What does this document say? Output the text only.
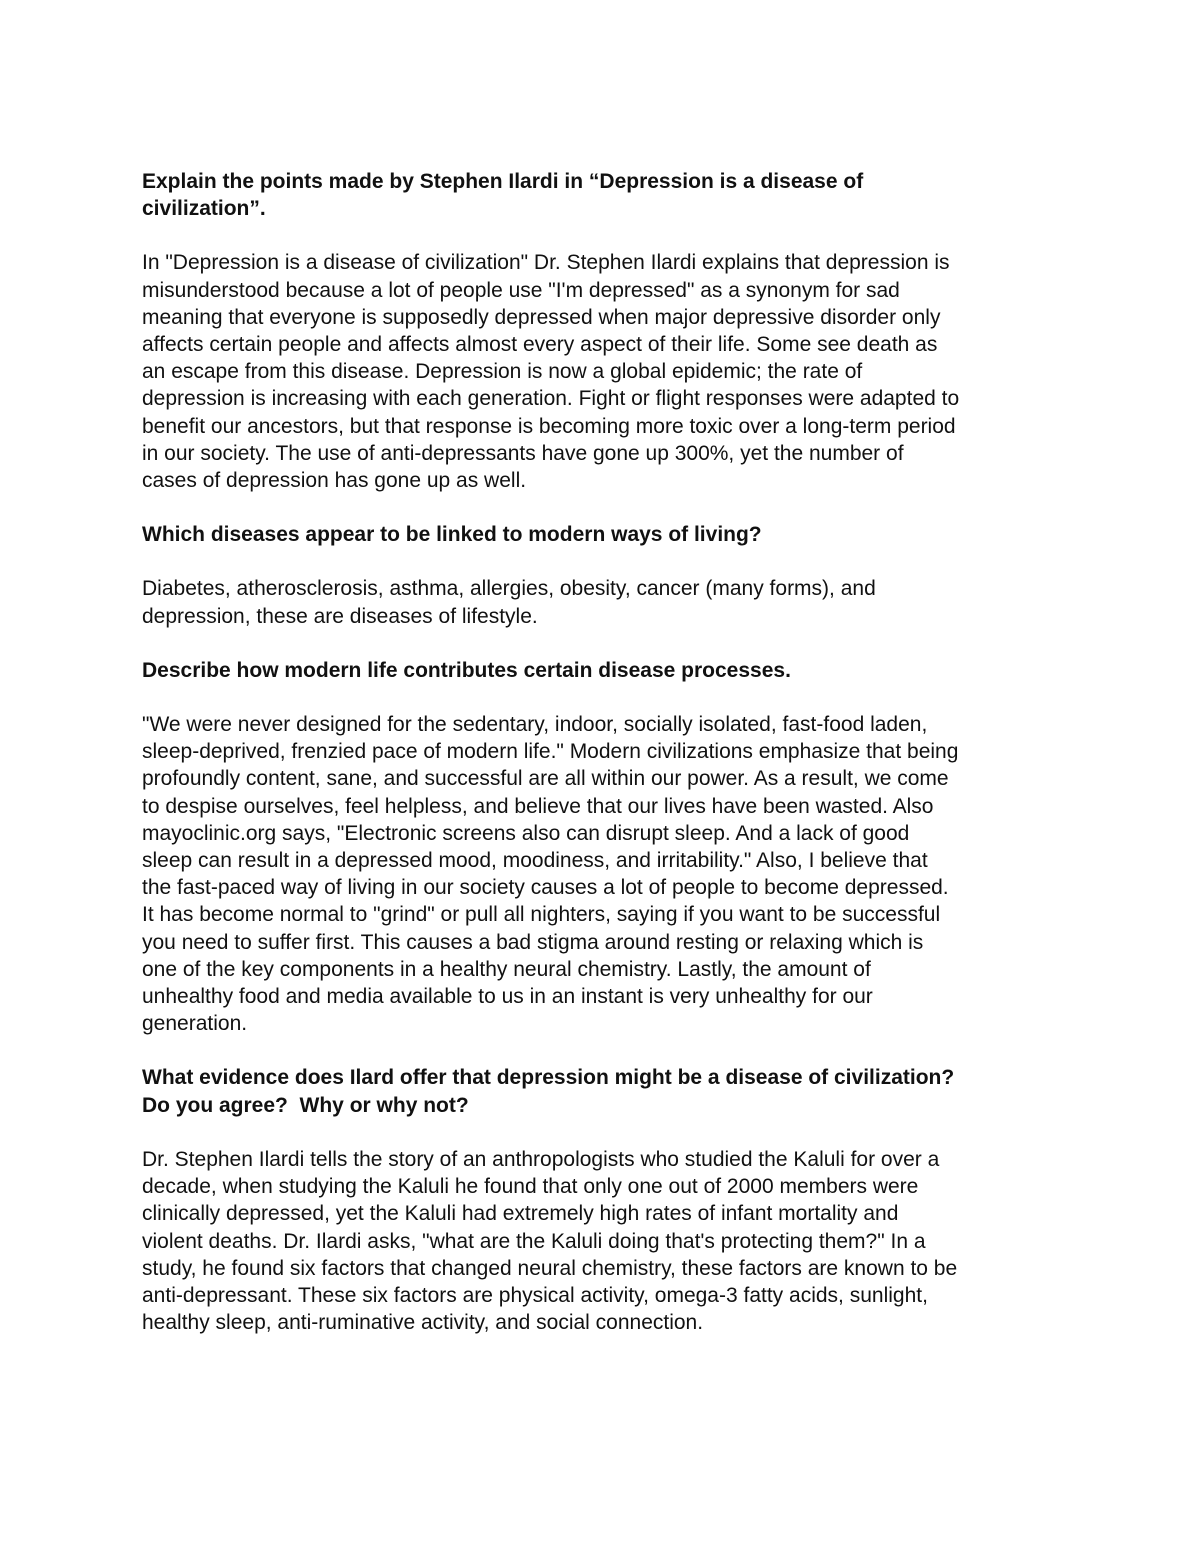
Explain the points made by Stephen Ilardi in “Depression is a disease of
civilization”.
In "Depression is a disease of civilization" Dr. Stephen Ilardi explains that depression is
misunderstood because a lot of people use "I'm depressed" as a synonym for sad
meaning that everyone is supposedly depressed when major depressive disorder only
affects certain people and affects almost every aspect of their life. Some see death as
an escape from this disease. Depression is now a global epidemic; the rate of
depression is increasing with each generation. Fight or flight responses were adapted to
benefit our ancestors, but that response is becoming more toxic over a long-term period
in our society. The use of anti-depressants have gone up 300%, yet the number of
cases of depression has gone up as well.
Which diseases appear to be linked to modern ways of living?
Diabetes, atherosclerosis, asthma, allergies, obesity, cancer (many forms), and
depression, these are diseases of lifestyle.
Describe how modern life contributes certain disease processes.
"We were never designed for the sedentary, indoor, socially isolated, fast-food laden,
sleep-deprived, frenzied pace of modern life." Modern civilizations emphasize that being
profoundly content, sane, and successful are all within our power. As a result, we come
to despise ourselves, feel helpless, and believe that our lives have been wasted. Also
mayoclinic.org says, "Electronic screens also can disrupt sleep. And a lack of good
sleep can result in a depressed mood, moodiness, and irritability." Also, I believe that
the fast-paced way of living in our society causes a lot of people to become depressed.
It has become normal to "grind" or pull all nighters, saying if you want to be successful
you need to suffer first. This causes a bad stigma around resting or relaxing which is
one of the key components in a healthy neural chemistry. Lastly, the amount of
unhealthy food and media available to us in an instant is very unhealthy for our
generation.
What evidence does Ilard offer that depression might be a disease of civilization?
Do you agree?  Why or why not?
Dr. Stephen Ilardi tells the story of an anthropologists who studied the Kaluli for over a
decade, when studying the Kaluli he found that only one out of 2000 members were
clinically depressed, yet the Kaluli had extremely high rates of infant mortality and
violent deaths. Dr. Ilardi asks, "what are the Kaluli doing that's protecting them?" In a
study, he found six factors that changed neural chemistry, these factors are known to be
anti-depressant. These six factors are physical activity, omega-3 fatty acids, sunlight,
healthy sleep, anti-ruminative activity, and social connection.
